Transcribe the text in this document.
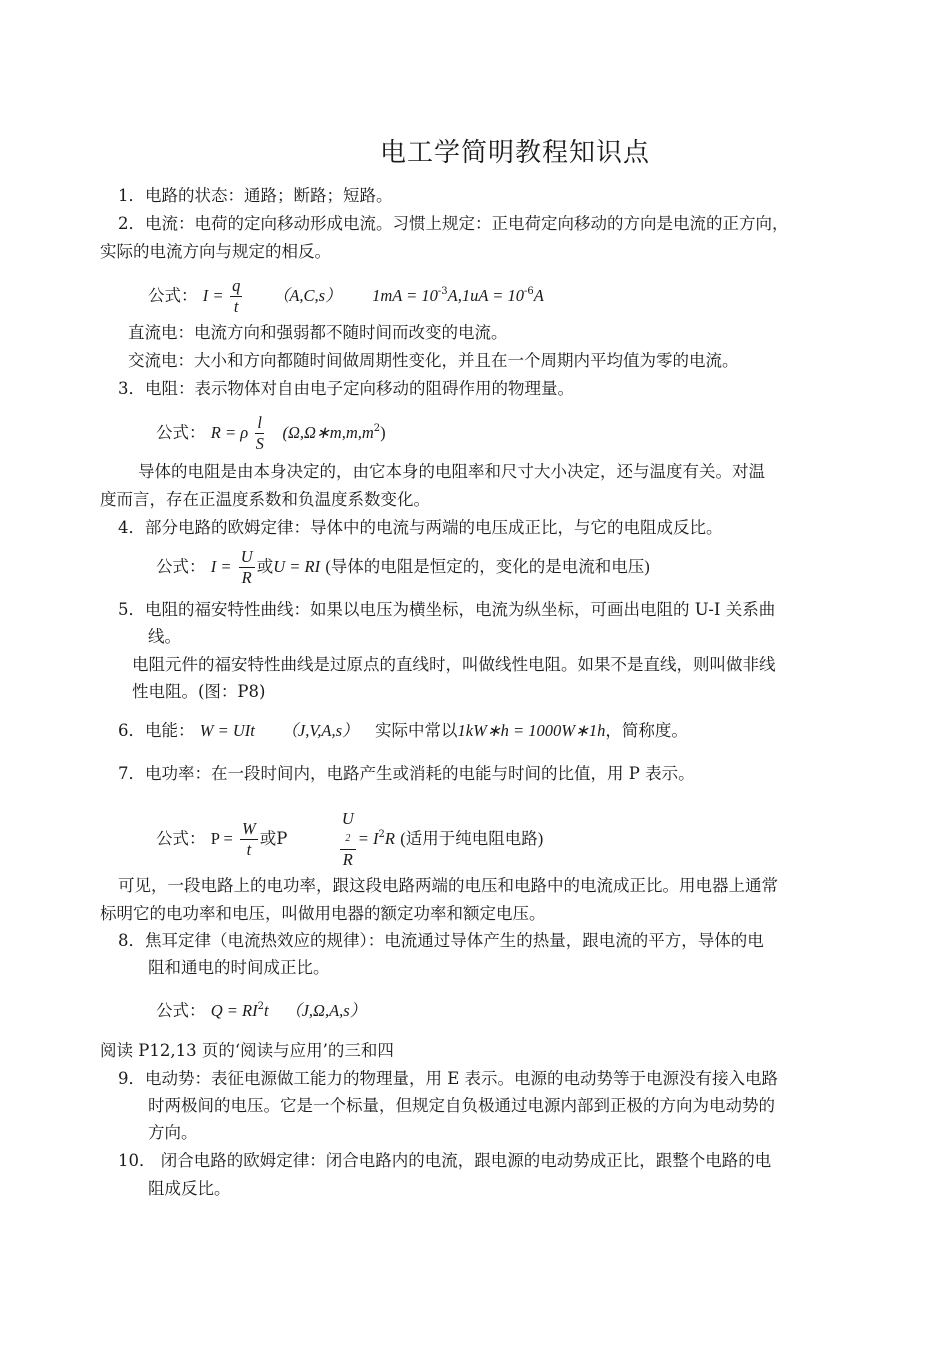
电工学简明教程知识点
1．电路的状态：通路；断路；短路。
2．电流：电荷的定向移动形成电流。习惯上规定：正电荷定向移动的方向是电流的正方向，
实际的电流方向与规定的相反。
公式： $I = \frac{q}{t} (A,C,s) 1mA = 10^{-3}A,1uA = 10^{-6}A$
直流电：电流方向和强弱都不随时间而改变的电流。
交流电：大小和方向都随时间做周期性变化，并且在一个周期内平均值为零的电流。
3．电阻：表示物体对自由电子定向移动的阻碍作用的物理量。
公式： R = ρ $\frac{l}{S}$ $(\Omega,\Omega∗m,m,m^2)$
导体的电阻是由本身决定的，由它本身的电阻率和尺寸大小决定，还与温度有关。对温
度而言，存在正温度系数和负温度系数变化。
4．部分电路的欧姆定律：导体中的电流与两端的电压成正比，与它的电阻成反比。
公式： $I = \frac{U}{R}$ 或U = RI (导体的电阻是恒定的，变化的是电流和电压)
5．电阻的福安特性曲线：如果以电压为横坐标，电流为纵坐标，可画出电阻的 U-I 关系曲
线。
电阻元件的福安特性曲线是过原点的直线时，叫做线性电阻。如果不是直线，则叫做非线
性电阻。(图：P8)
6．电能： W = UIt （J,V,A,s） 实际中常以1kW∗h = 1000W∗1h，简称度。
7．电功率：在一段时间内，电路产生或消耗的电能与时间的比值，用 P 表示。
公式： $P = \frac{W}{t}$ 或P	U
2
$R = I^2R$ (适用于纯电阻电路)
可见，一段电路上的电功率，跟这段电路两端的电压和电路中的电流成正比。用电器上通常
标明它的电功率和电压，叫做用电器的额定功率和额定电压。
8．焦耳定律（电流热效应的规律）：电流通过导体产生的热量，跟电流的平方，导体的电
阻和通电的时间成正比。
公式： $Q = RI^2t$ （J,Ω,A,s）
阅读 P12,13 页的‘阅读与应用’的三和四
9．电动势：表征电源做工能力的物理量，用 E 表示。电源的电动势等于电源没有接入电路
时两极间的电压。它是一个标量，但规定自负极通过电源内部到正极的方向为电动势的
方向。
10． 闭合电路的欧姆定律：闭合电路内的电流，跟电源的电动势成正比，跟整个电路的电
阻成反比。
